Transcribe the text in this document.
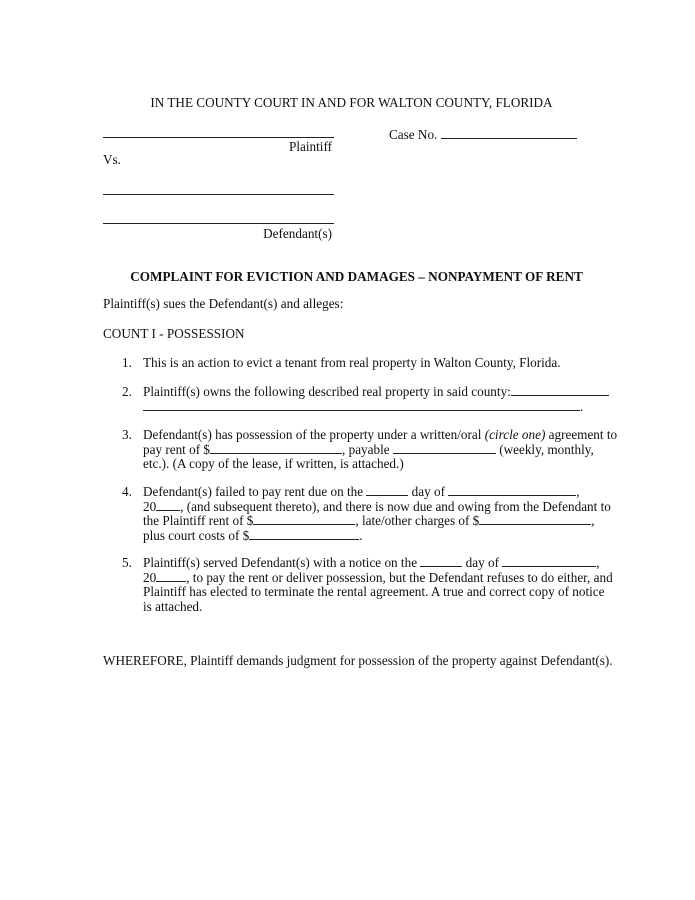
IN THE COUNTY COURT IN AND FOR WALTON COUNTY, FLORIDA
Plaintiff
Case No.
Vs.
Defendant(s)
COMPLAINT FOR EVICTION AND DAMAGES – NONPAYMENT OF RENT
Plaintiff(s) sues the Defendant(s) and alleges:
COUNT I - POSSESSION
1. This is an action to evict a tenant from real property in Walton County, Florida.
2. Plaintiff(s) owns the following described real property in said county:
.
3. Defendant(s) has possession of the property under a written/oral (circle one) agreement to
pay rent of $	, payable	(weekly, monthly,
etc.). (A copy of the lease, if written, is attached.)
4. Defendant(s) failed to pay rent due on the	day of	,
20 , (and subsequent thereto), and there is now due and owing from the Defendant to
the Plaintiff rent of $	, late/other charges of $	,
plus court costs of $	.
5. Plaintiff(s) served Defendant(s) with a notice on the	day of	,
20 , to pay the rent or deliver possession, but the Defendant refuses to do either, and
Plaintiff has elected to terminate the rental agreement. A true and correct copy of notice
is attached.
WHEREFORE, Plaintiff demands judgment for possession of the property against Defendant(s).
